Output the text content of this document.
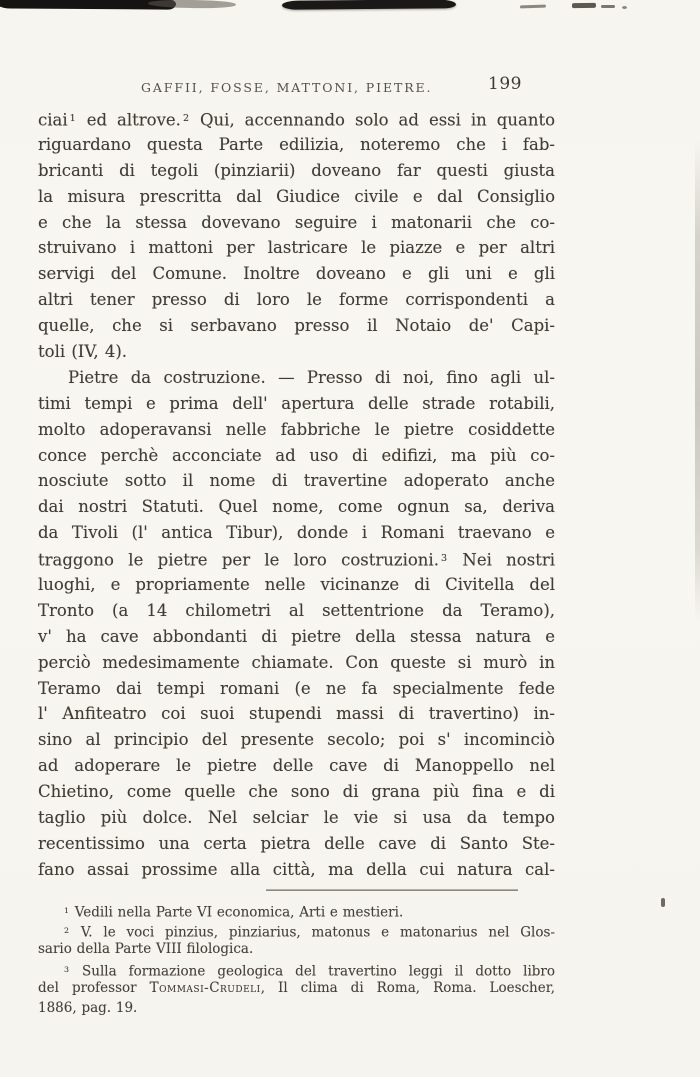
GAFFII, FOSSE, MATTONI, PIETRE.	199
ciai $^1$ ed altrove. $^2$ Qui, accennando solo ad essi in quanto
riguardano questa Parte edilizia, noteremo che i fab-
bricanti di tegoli (pinziarii) doveano far questi giusta
la misura prescritta dal Giudice civile e dal Consiglio
e che la stessa dovevano seguire i matonarii che co-
struivano i mattoni per lastricare le piazze e per altri
servigi del Comune. Inoltre doveano e gli uni e gli
altri tener presso di loro le forme corrispondenti a
quelle, che si serbavano presso il Notaio de' Capi-
toli (IV, 4).
Pietre da costruzione. — Presso di noi, fino agli ul-
timi tempi e prima dell' apertura delle strade rotabili,
molto adoperavansi nelle fabbriche le pietre cosiddette
conce perchè acconciate ad uso di edifizi, ma più co-
nosciute sotto il nome di travertine adoperato anche
dai nostri Statuti. Quel nome, come ognun sa, deriva
da Tivoli (l' antica Tibur), donde i Romani traevano e
traggono le pietre per le loro costruzioni. $^3$ Nei nostri
luoghi, e propriamente nelle vicinanze di Civitella del
Tronto (a 14 chilometri al settentrione da Teramo),
v' ha cave abbondanti di pietre della stessa natura e
perciò medesimamente chiamate. Con queste si murò in
Teramo dai tempi romani (e ne fa specialmente fede
l' Anfiteatro coi suoi stupendi massi di travertino) in-
sino al principio del presente secolo; poi s' incominciò
ad adoperare le pietre delle cave di Manoppello nel
Chietino, come quelle che sono di grana più fina e di
taglio più dolce. Nel selciar le vie si usa da tempo
recentissimo una certa pietra delle cave di Santo Ste-
fano assai prossime alla città, ma della cui natura cal-
$^1$ Vedili nella Parte VI economica, Arti e mestieri.
$^2$ V. le voci pinzius, pinziarius, matonus e matonarius nel Glos-
sario della Parte VIII filologica.
$^3$ Sulla formazione geologica del travertino leggi il dotto libro
del professor Tommasi-Crudeli, Il clima di Roma, Roma. Loescher,
1886, pag. 19.
